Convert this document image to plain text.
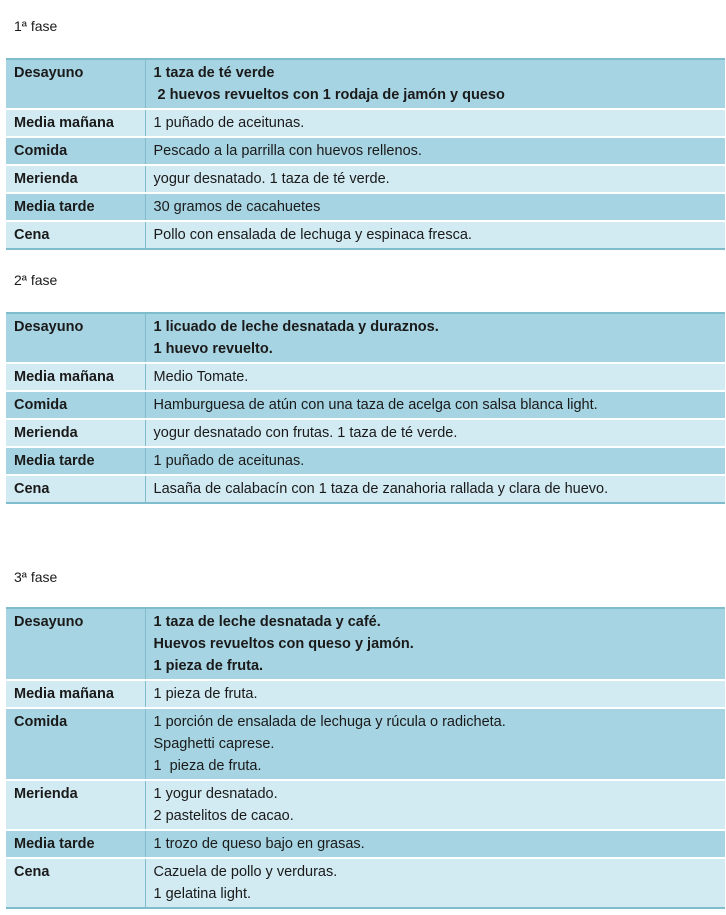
1ª fase
Desayuno	1 taza de té verde
2 huevos revueltos con 1 rodaja de jamón y queso

Media mañana	1 puñado de aceitunas.

Comida	Pescado a la parrilla con huevos rellenos.

Merienda	yogur desnatado. 1 taza de té verde.

Media tarde	30 gramos de cacahuetes

Cena	Pollo con ensalada de lechuga y espinaca fresca.
2ª fase
Desayuno	1 licuado de leche desnatada y duraznos.
1 huevo revuelto.

Media mañana	Medio Tomate.

Comida	Hamburguesa de atún con una taza de acelga con salsa blanca light.

Merienda	yogur desnatado con frutas. 1 taza de té verde.

Media tarde	1 puñado de aceitunas.

Cena	Lasaña de calabacín con 1 taza de zanahoria rallada y clara de huevo.
3ª fase
Desayuno	1 taza de leche desnatada y café.
Huevos revueltos con queso y jamón.
1 pieza de fruta.

Media mañana	1 pieza de fruta.

Comida	1 porción de ensalada de lechuga y rúcula o radicheta.
Spaghetti caprese.
1  pieza de fruta.

Merienda	1 yogur desnatado.
2 pastelitos de cacao.

Media tarde	1 trozo de queso bajo en grasas.

Cena	Cazuela de pollo y verduras.
1 gelatina light.
